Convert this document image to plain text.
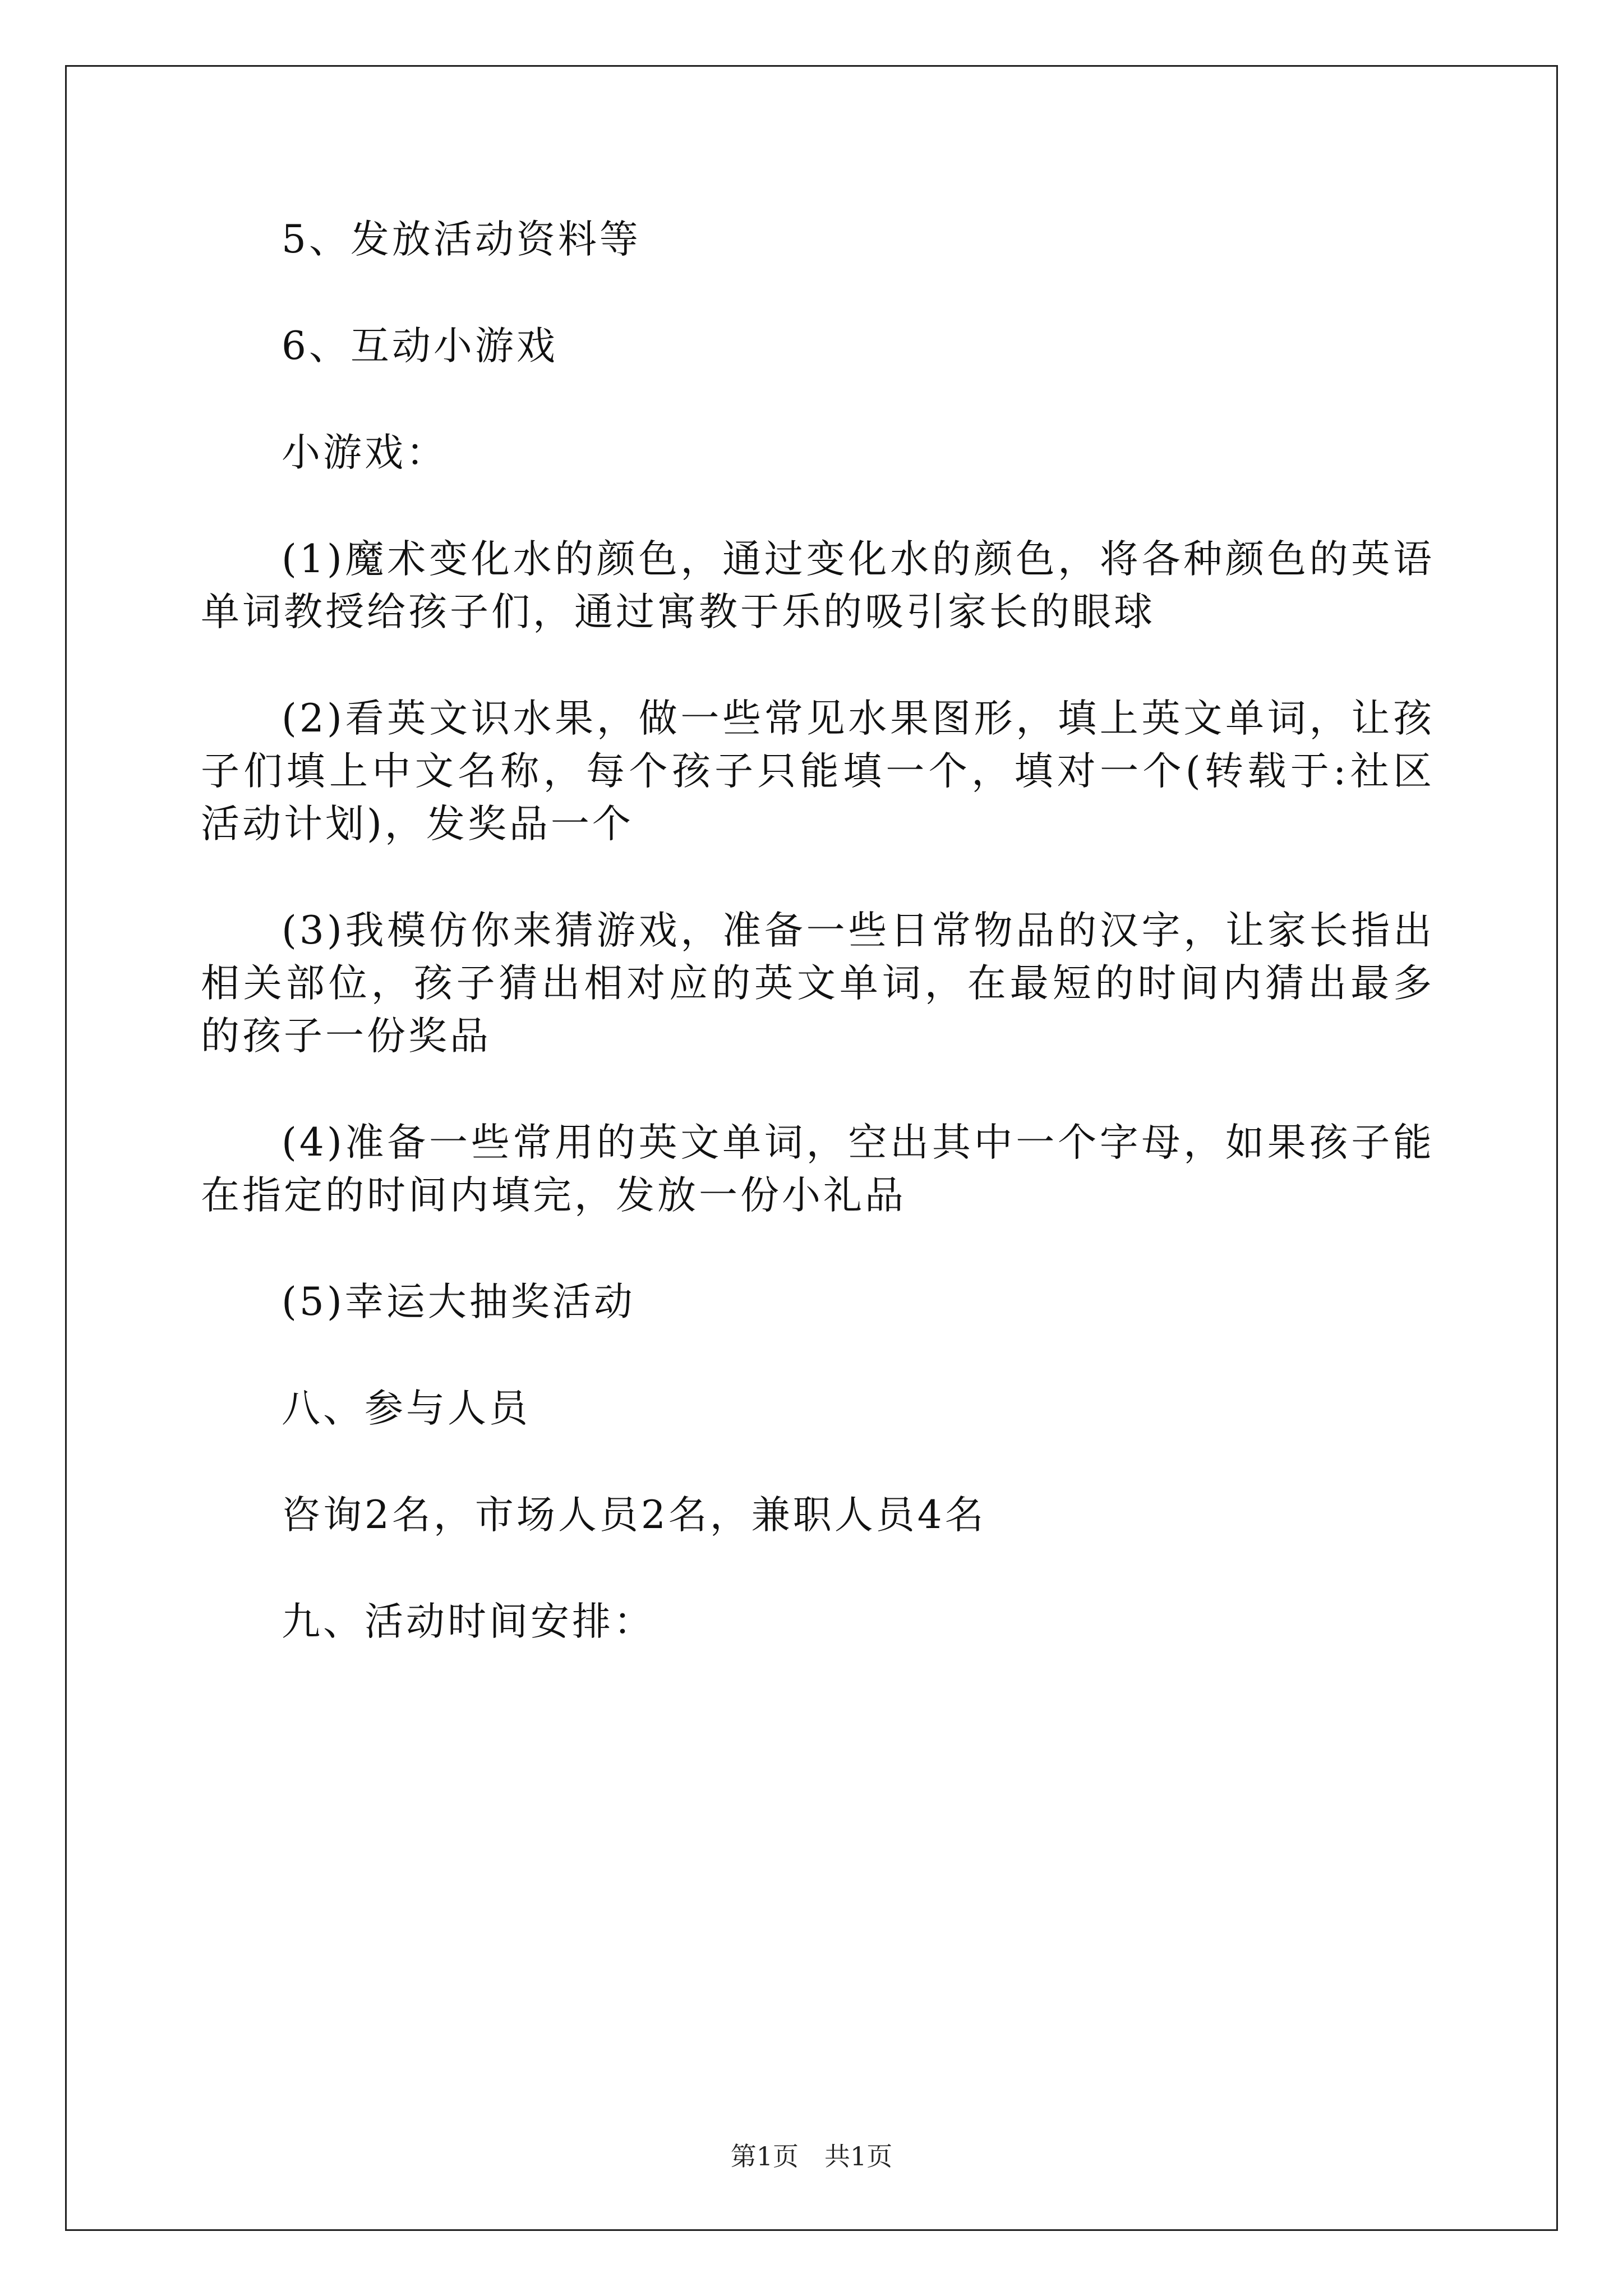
5、发放活动资料等

6、互动小游戏

小游戏：

(1)魔术变化水的颜色，通过变化水的颜色，将各种颜色的英语单词教授给孩子们，通过寓教于乐的吸引家长的眼球

(2)看英文识水果，做一些常见水果图形，填上英文单词，让孩子们填上中文名称，每个孩子只能填一个，填对一个(转载于:社区活动计划)，发奖品一个

(3)我模仿你来猜游戏，准备一些日常物品的汉字，让家长指出相关部位，孩子猜出相对应的英文单词，在最短的时间内猜出最多的孩子一份奖品

(4)准备一些常用的英文单词，空出其中一个字母，如果孩子能在指定的时间内填完，发放一份小礼品

(5)幸运大抽奖活动

八、参与人员

咨询2名，市场人员2名，兼职人员4名

九、活动时间安排：

第1页　共1页
